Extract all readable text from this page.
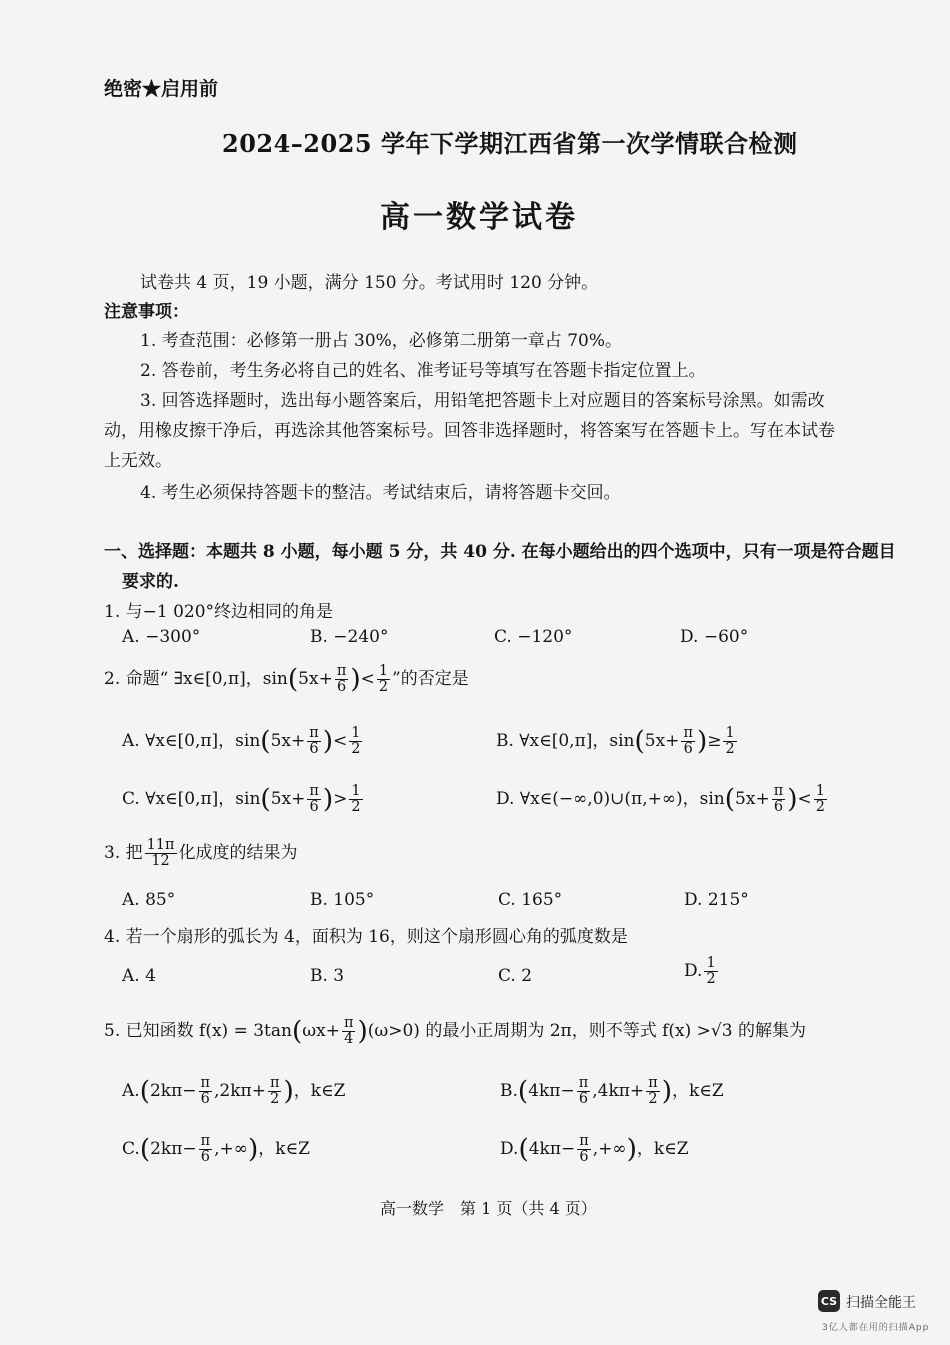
绝密★启用前
2024–2025 学年下学期江西省第一次学情联合检测
高一数学试卷
试卷共 4 页，19 小题，满分 150 分。考试用时 120 分钟。
注意事项：
1. 考查范围：必修第一册占 30%，必修第二册第一章占 70%。
2. 答卷前，考生务必将自己的姓名、准考证号等填写在答题卡指定位置上。
3. 回答选择题时，选出每小题答案后，用铅笔把答题卡上对应题目的答案标号涂黑。如需改
动，用橡皮擦干净后，再选涂其他答案标号。回答非选择题时，将答案写在答题卡上。写在本试卷
上无效。
4. 考生必须保持答题卡的整洁。考试结束后，请将答题卡交回。
一、选择题：本题共 8 小题，每小题 5 分，共 40 分. 在每小题给出的四个选项中，只有一项是符合题目
要求的.
1. 与−1 020°终边相同的角是
A. −300°	B. −240°	C. −120°	D. −60°
2. 命题“ ∃x∈[0,π]，$\sin(5x+ \frac{\pi}{6}$ )< $\frac{1}{2}$ ”的否定是
A. ∀x∈[0,π]，$\sin(5x+ \frac{\pi}{6}$ )< $\frac{1}{2}$	B. ∀x∈[0,π]，$\sin(5x+ \frac{\pi}{6}$ )≥ $\frac{1}{2}$
C. ∀x∈[0,π]，$\sin(5x+ \frac{\pi}{6}$ )> $\frac{1}{2}$	D. ∀x∈(−∞,0)∪(π,+∞)，$\sin(5x+ \frac{\pi}{6}$ )< $\frac{1}{2}$
3. 把 $\frac{11\pi}{12}$ 化成度的结果为
A. 85°	B. 105°	C. 165°	D. 215°
4. 若一个扇形的弧长为 4，面积为 16，则这个扇形圆心角的弧度数是
A. 4	B. 3	C. 2	D. $\frac{1}{2}$
5. 已知函数 $f(x) = 3\tan(\omega x+ \frac{\pi}{4} )(\omega>0)$ 的最小正周期为 2π，则不等式 f(x) >√3 的解集为
$A.(2k\pi- \frac{\pi}{6} ,2k\pi+ \frac{\pi}{2}$ )，k∈Z	$B.(4k\pi- \frac{\pi}{6} ,4k\pi+ \frac{\pi}{2}$ )，k∈Z
$C.(2k\pi- \frac{\pi}{6}$ ,+∞)，k∈Z	$D.(4k\pi- \frac{\pi}{6}$ ,+∞)，k∈Z
高一数学　第 1 页（共 4 页）
CS 扫描全能王
3亿人都在用的扫描App
